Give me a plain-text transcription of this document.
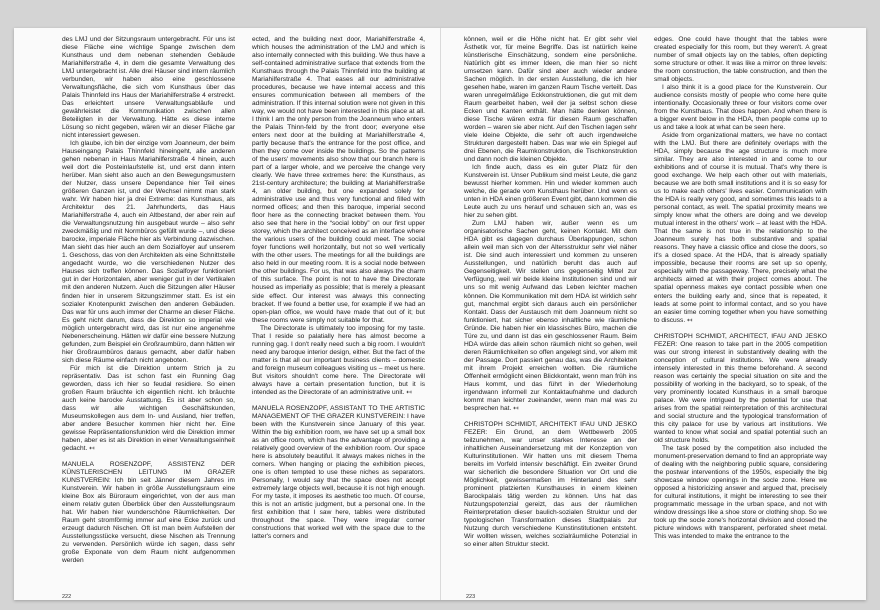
des LMJ und der Sitzungsraum untergebracht. Für uns ist diese Fläche eine wichtige Spange zwischen dem Kunsthaus und dem nebenan stehenden Gebäude Mariahilferstraße 4, in dem die gesamte Verwaltung des LMJ untergebracht ist. Alle drei Häuser sind intern räumlich verbunden, wir haben also eine geschlossene Verwaltungsfläche, die sich vom Kunsthaus über das Palais Thinnfeld ins Haus der Mariahilferstraße 4 erstreckt. Das erleichtert unsere Verwaltungsabläufe und gewährleistet die Kommunikation zwischen allen Beteiligten in der Verwaltung. Hätte es diese interne Lösung so nicht gegeben, wären wir an dieser Fläche gar nicht interessiert gewesen.

Ich glaube, ich bin der einzige vom Joanneum, der beim Hauseingang Palais Thinnfeld hineingeht, alle anderen gehen nebenan in Haus Mariahilferstraße 4 hinein, auch weil dort die Posteinlaufstelle ist, und erst dann intern herüber. Man sieht also auch an den Bewegungsmustern der Nutzer, dass unsere Dependance hier Teil eines größeren Ganzen ist, und der Wechsel nimmt man stark wahr. Wir haben hier ja drei Extreme: das Kunsthaus, als Architektur des 21. Jahrhunderts, das Haus Mariahilferstraße 4, auch ein Altbestand, der aber rein auf die Verwaltungsnutzung hin ausgebaut wurde – also sehr zweckmäßig und mit Normbüros gefüllt wurde –, und diese barocke, imperiale Fläche hier als Verbindung dazwischen. Man sieht das hier auch an dem Sozialfoyer auf unserem 1. Geschoss, das von den Architekten als eine Schnittstelle angedacht wurde, wo die verschiedenen Nutzer des Hauses sich treffen können. Das Sozialfoyer funktioniert gut in der Horizontalen, aber weniger gut in der Vertikalen mit den anderen Nutzern. Auch die Sitzungen aller Häuser finden hier in unserem Sitzungszimmer statt. Es ist ein sozialer Knotenpunkt zwischen den anderen Gebäuden. Das war für uns auch immer der Charme an dieser Fläche. Es geht nicht darum, dass die Direktion so imperial wie möglich untergebracht wird, das ist nur eine angenehme Nebenerscheinung. Hätten wir dafür eine bessere Nutzung gefunden, zum Beispiel ein Großraumbüro, dann hätten wir hier Großraumbüros daraus gemacht, aber dafür haben sich diese Räume einfach nicht angeboten.

Für mich ist die Direktion unterm Strich ja zu repräsentativ. Das ist schon fast ein Running Gag geworden, dass ich hier so feudal residiere. So einen großen Raum bräuchte ich eigentlich nicht. Ich bräuchte auch keine barocke Ausstattung. Es ist aber schon so, dass wir alle wichtigen Geschäftskunden, Museumskollegen aus dem In- und Ausland, hier treffen, aber andere Besucher kommen hier nicht her. Eine gewisse Repräsentationsfunktion wird die Direktion immer haben, aber es ist als Direktion in einer Verwaltungseinheit gedacht. ↤

MANUELA ROSENZOPF, ASSISTENZ DER KÜNSTLERISCHEN LEITUNG IM GRAZER KUNSTVEREIN: Ich bin seit Jänner diesem Jahres im Kunstverein. Wir haben in größe Ausstellungsraum eine kleine Box als Büroraum eingerichtet, von der aus man einem relativ guten Überblick über den Ausstellungsraum hat. Wir haben hier wunderschöne Räumlichkeiten. Der Raum geht stromförmig immer auf eine Ecke zurück und erzeugt dadurch Nischen. Oft ist man beim Aufstellen der Ausstellungsstücke versucht, diese Nischen als Trennung zu verwenden. Persönlich würde ich sagen, dass sehr große Exponate von dem Raum nicht aufgenommen werden

ected, and the building next door, Mariahilferstraße 4, which houses the administration of the LMJ and which is also internally connected with this building. We thus have a self-contained administrative surface that extends from the Kunsthaus through the Palais Thinnfeld into the building at Mariahilferstraße 4. That eases all our administrative procedures, because we have internal access and this ensures communication between all members of the administration. If this internal solution were not given in this way, we would not have been interested in this place at all. I think I am the only person from the Joanneum who enters the Palais Thinn-feld by the front door; everyone else enters next door at the building at Mariahilferstraße 4, partly because that's the entrance for the post office, and then they come over inside the buildings. So the patterns of the users' movements also show that our branch here is part of a larger whole, and we perceive the change very clearly. We have three extremes here: the Kunsthaus, as 21st-century architecture; the building at Mariahilferstraße 4, an older building, but one expanded solely for administrative use and thus very functional and filled with normed offices; and then this baroque, imperial second floor here as the connecting bracket between them. You also see that here in the “social lobby” on our first upper storey, which the architect conceived as an interface where the various users of the building could meet. The social foyer functions well horizontally, but not so well vertically with the other users. The meetings for all the buildings are also held in our meeting room. It is a social node between the other buildings. For us, that was also always the charm of this surface. The point is not to have the Directorate housed as imperially as possible; that is merely a pleasant side effect. Our interest was always this connecting bracket. If we found a better use, for example if we had an open-plan office, we would have made that out of it; but these rooms were simply not suitable for that.

The Directorate is ultimately too imposing for my taste. That I reside so palatially here has almost become a running gag. I don't really need such a big room. I wouldn't need any baroque interior design, either. But the fact of the matter is that all our important business clients – domestic and foreign museum colleagues visiting us – meet us here. But visitors shouldn't come here. The Directorate will always have a certain presentation function, but it is intended as the Directorate of an administrative unit. ↤

MANUELA ROSENZOPF, ASSISTANT TO THE ARTISTIC MANAGEMENT OF THE GRAZER KUNSTVEREIN: I have been with the Kunstverein since January of this year. Within the big exhibition room, we have set up a small box as an office room, which has the advantage of providing a relatively good overview of the exhibition room. Our space here is absolutely beautiful. It always makes niches in the corners. When hanging or placing the exhibition pieces, one is often tempted to use these niches as separators. Personally, I would say that the space does not accept extremely large objects well, because it is not high enough. For my taste, it imposes its aesthetic too much. Of course, this is not an artistic judgment, but a personal one. In the first exhibition that I saw here, tables were distributed throughout the space. They were irregular corner constructions that worked well with the space due to the latter's corners and

können, weil er die Höhe nicht hat. Er gibt sehr viel Ästhetik vor, für meine Begriffe. Das ist natürlich keine künstlerische Einschätzung, sondern eine persönliche. Natürlich gibt es immer Ideen, die man hier so nicht umsetzen kann. Dafür sind aber auch wieder andere Sachen möglich. In der ersten Ausstellung, die ich hier gesehen habe, waren im ganzen Raum Tische verteilt. Das waren unregelmäßige Eckkonstruktionen, die gut mit dem Raum gearbeitet haben, weil der ja selbst schon diese Ecken und Kanten enthält. Man hätte denken können, diese Tische wären extra für diesen Raum geschaffen worden – waren sie aber nicht. Auf den Tischen lagen sehr viele kleine Objekte, die sehr oft auch irgendwelche Strukturen dargestellt haben. Das war wie ein Spiegel auf drei Ebenen, die Raumkonstruktion, die Tischkonstruktion und dann noch die kleinen Objekte.

Ich finde auch, dass es ein guter Platz für den Kunstverein ist. Unser Publikum sind meist Leute, die ganz bewusst hierher kommen. Hin und wieder kommen auch welche, die gerade vom Kunsthaus herüber. Und wenn es unten in HDA einen größeren Event gibt, dann kommen die Leute auch zu uns herauf und schauen sich an, was es hier zu sehen gibt.

Zum LMJ haben wir, außer wenn es um organisatorische Sachen geht, keinen Kontakt. Mit dem HDA gibt es dagegen durchaus Überlappungen, schon allein weil man sich von der Altersstruktur sehr viel näher ist. Die sind auch interessiert und kommen zu unseren Ausstellungen, und natürlich beruht das auch auf Gegenseitigkeit. Wir stellen uns gegenseitig Mittel zur Verfügung, weil wir beide kleine Institutionen sind und wir uns so mit wenig Aufwand das Leben leichter machen können. Die Kommunikation mit dem HDA ist wirklich sehr gut, manchmal ergibt sich daraus auch ein persönlicher Kontakt. Dass der Austausch mit dem Joanneum nicht so funktioniert, hat sicher ebenso inhaltliche wie räumliche Gründe. Die haben hier ein klassisches Büro, machen die Türe zu, und dann ist das ein geschlossener Raum. Beim HDA würde das allein schon räumlich nicht so gehen, weil deren Räumlichkeiten so offen angelegt sind, vor allem mit der Passage. Dort passiert genau das, was die Architekten mit ihrem Projekt erreichen wollten. Die räumliche Offenheit ermöglicht einen Blickkontakt, wenn man früh ins Haus kommt, und das führt in der Wiederholung irgendwann informell zur Kontaktaufnahme und dadurch kommt man leichter zueinander, wenn man mal was zu besprechen hat. ↤

CHRISTOPH SCHMIDT, ARCHITEKT IFAU UND JESKO FEZER: Ein Grund, an dem Wettbewerb 2005 teilzunehmen, war unser starkes Interesse an der inhaltlichen Auseinandersetzung mit der Konzeption von Kulturinstitutionen. Wir hatten uns mit diesem Thema bereits im Vorfeld intensiv beschäftigt. Ein zweiter Grund war sicherlich die besondere Situation vor Ort und die Möglichkeit, gewissermaßen im Hinterland des sehr prominent platzierten Kunsthauses in einem kleinen Barockpalais tätig werden zu können. Uns hat das Nutzungspotenzial gereizt, das aus der räumlichen Reinterpretation dieser baulich-sozialen Struktur und der typologischen Transformation dieses Stadtpalais zur Nutzung durch verschiedene Kunstinstitutionen entsteht. Wir wollten wissen, welches sozialräumliche Potenzial in so einer alten Struktur steckt.

edges. One could have thought that the tables were created especially for this room, but they weren't. A great number of small objects lay on the tables, often depicting some structure or other. It was like a mirror on three levels: the room construction, the table construction, and then the small objects.

I also think it is a good place for the Kunstverein. Our audience consists mostly of people who come here quite intentionally. Occasionally three or four visitors come over from the Kunsthaus. That does happen. And when there is a bigger event below in the HDA, then people come up to us and take a look at what can be seen here.

Aside from organizational matters, we have no contact with the LMJ. But there are definitely overlaps with the HDA, simply because the age structure is much more similar. They are also interested in and come to our exhibitions and of course it is mutual. That's why there is good exchange. We help each other out with materials, because we are both small institutions and it is so easy for us to make each others' lives easier. Communication with the HDA is really very good, and sometimes this leads to a personal contact, as well. The spatial proximity means we simply know what the others are doing and we develop mutual interest in the others' work – at least with the HDA. That the same is not true in the relationship to the Joanneum surely has both substantive and spatial reasons. They have a classic office and close the doors, so it's a closed space. At the HDA, that is already spatially impossible, because their rooms are set up so openly, especially with the passageway. There, precisely what the architects aimed at with their project comes about. The spatial openness makes eye contact possible when one enters the building early and, since that is repeated, it leads at some point to informal contact, and so you have an easier time coming together when you have something to discuss. ↤

CHRISTOPH SCHMIDT, ARCHITECT, IFAU AND JESKO FEZER: One reason to take part in the 2005 competition was our strong interest in substantively dealing with the conception of cultural institutions. We were already intensely interested in this theme beforehand. A second reason was certainly the special situation on site and the possibility of working in the backyard, so to speak, of the very prominently located Kunsthaus in a small baroque palace. We were intrigued by the potential for use that arises from the spatial reinterpretation of this architectural and social structure and the typological transformation of this city palace for use by various art institutions. We wanted to know what social and spatial potential such an old structure holds.

The task posed by the competition also included the monument-preservation demand to find an appropriate way of dealing with the neighboring public square, considering the postwar interventions of the 1950s, especially the big showcase window openings in the socle zone. Here we opposed a historicizing answer and argued that, precisely for cultural institutions, it might be interesting to see their programmatic message in the urban space, and not with window dressings like a shoe store or clothing shop. So we took up the socle zone's horizontal division and closed the picture windows with transparent, perforated sheet metal. This was intended to make the entrance to the

222	223
